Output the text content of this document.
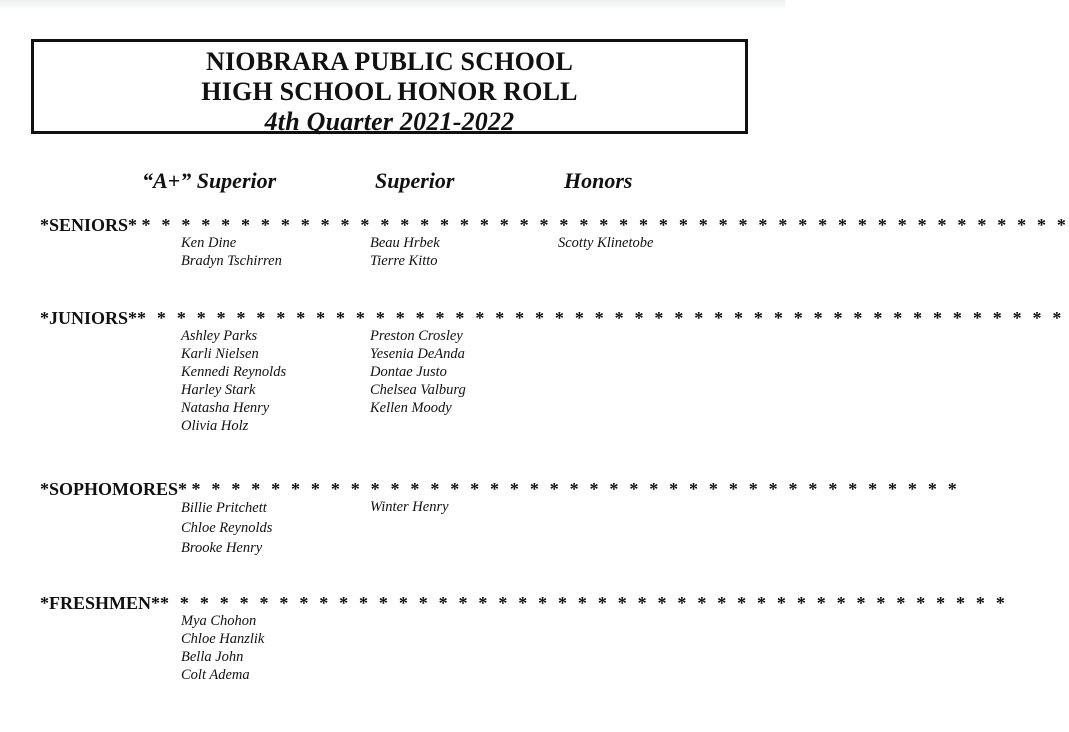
NIOBRARA PUBLIC SCHOOL
HIGH SCHOOL HONOR ROLL
4th Quarter 2021-2022
“A+” Superior	Superior	Honors
*SENIORS* * * * * * * * * * * * * * * * * * * * * * * * * * * * * * * * * * * * * * * * * * * * * * * *
Ken Dine
Bradyn Tschirren
Beau Hrbek
Tierre Kitto
Scotty Klinetobe
*JUNIORS** * * * * * * * * * * * * * * * * * * * * * * * * * * * * * * * * * * * * * * * * * * * * * *
Ashley Parks
Karli Nielsen
Kennedi Reynolds
Harley Stark
Natasha Henry
Olivia Holz
Preston Crosley
Yesenia DeAnda
Dontae Justo
Chelsea Valburg
Kellen Moody
*SOPHOMORES* * * * * * * * * * * * * * * * * * * * * * * * * * * * * * * * * * * * * * * *
Billie Pritchett
Chloe Reynolds
Brooke Henry
Winter Henry
*FRESHMEN** * * * * * * * * * * * * * * * * * * * * * * * * * * * * * * * * * * * * * * * * * *
Mya Chohon
Chloe Hanzlik
Bella John
Colt Adema
